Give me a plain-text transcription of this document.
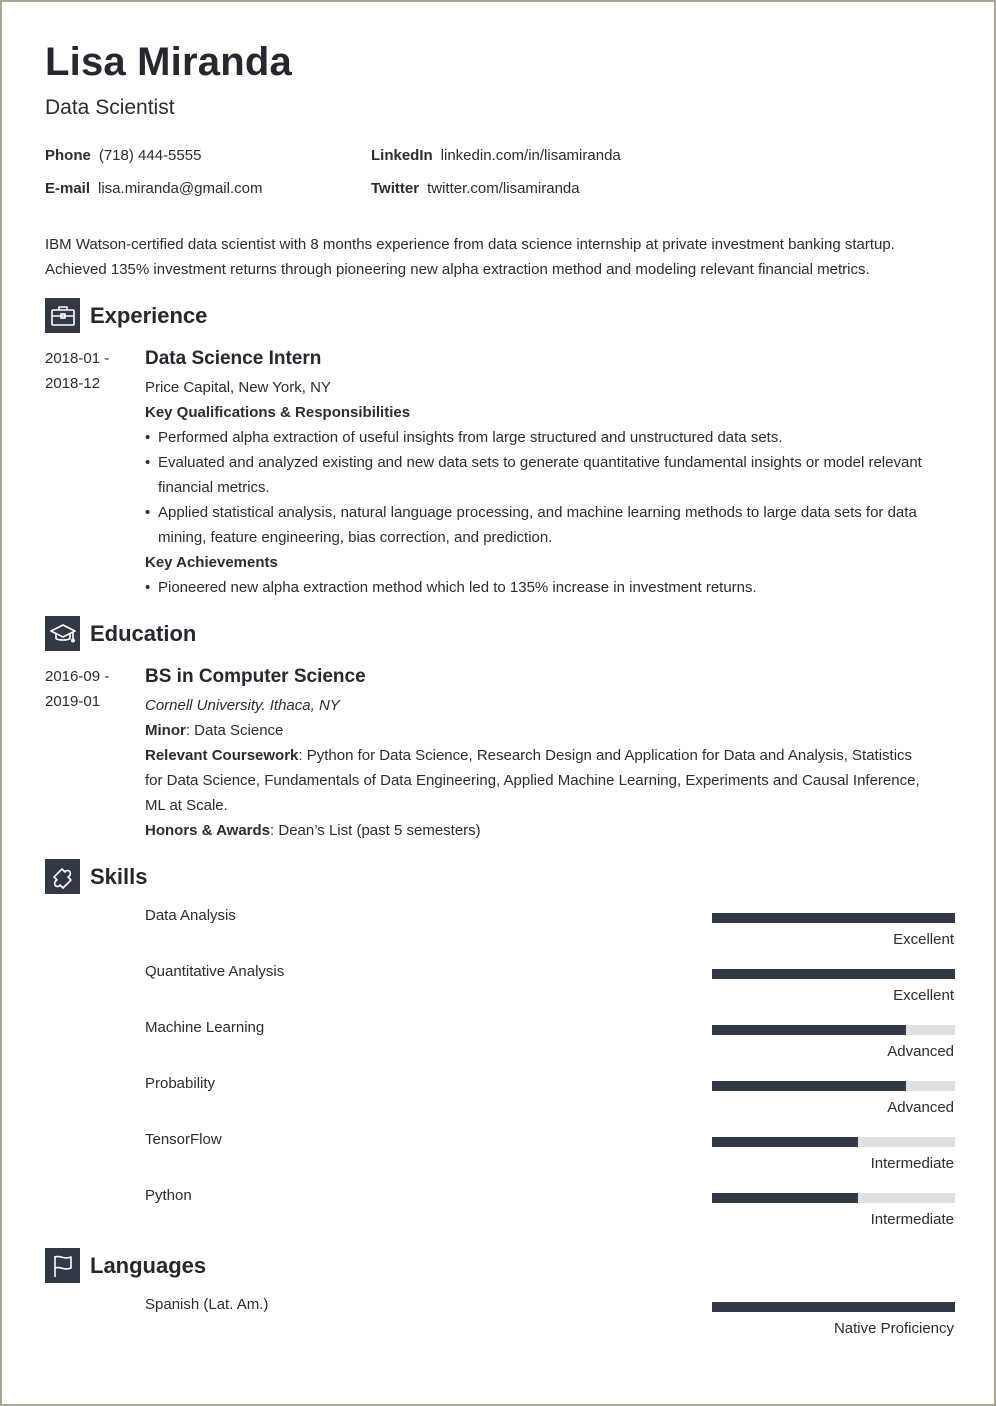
Lisa Miranda
Data Scientist
Phone (718) 444-5555
E-mail lisa.miranda@gmail.com
LinkedIn linkedin.com/in/lisamiranda
Twitter twitter.com/lisamiranda
IBM Watson-certified data scientist with 8 months experience from data science internship at private investment banking startup. Achieved 135% investment returns through pioneering new alpha extraction method and modeling relevant financial metrics.
Experience
2018-01 -
2018-12
Data Science Intern
Price Capital, New York, NY
Key Qualifications & Responsibilities
• Performed alpha extraction of useful insights from large structured and unstructured data sets.
• Evaluated and analyzed existing and new data sets to generate quantitative fundamental insights or model relevant financial metrics.
• Applied statistical analysis, natural language processing, and machine learning methods to large data sets for data mining, feature engineering, bias correction, and prediction.
Key Achievements
• Pioneered new alpha extraction method which led to 135% increase in investment returns.
Education
2016-09 -
2019-01
BS in Computer Science
Cornell University. Ithaca, NY
Minor: Data Science
Relevant Coursework: Python for Data Science, Research Design and Application for Data and Analysis, Statistics for Data Science, Fundamentals of Data Engineering, Applied Machine Learning, Experiments and Causal Inference, ML at Scale.
Honors & Awards: Dean’s List (past 5 semesters)
Skills
Data Analysis
Excellent
Quantitative Analysis
Excellent
Machine Learning
Advanced
Probability
Advanced
TensorFlow
Intermediate
Python
Intermediate
Languages
Spanish (Lat. Am.)
Native Proficiency
